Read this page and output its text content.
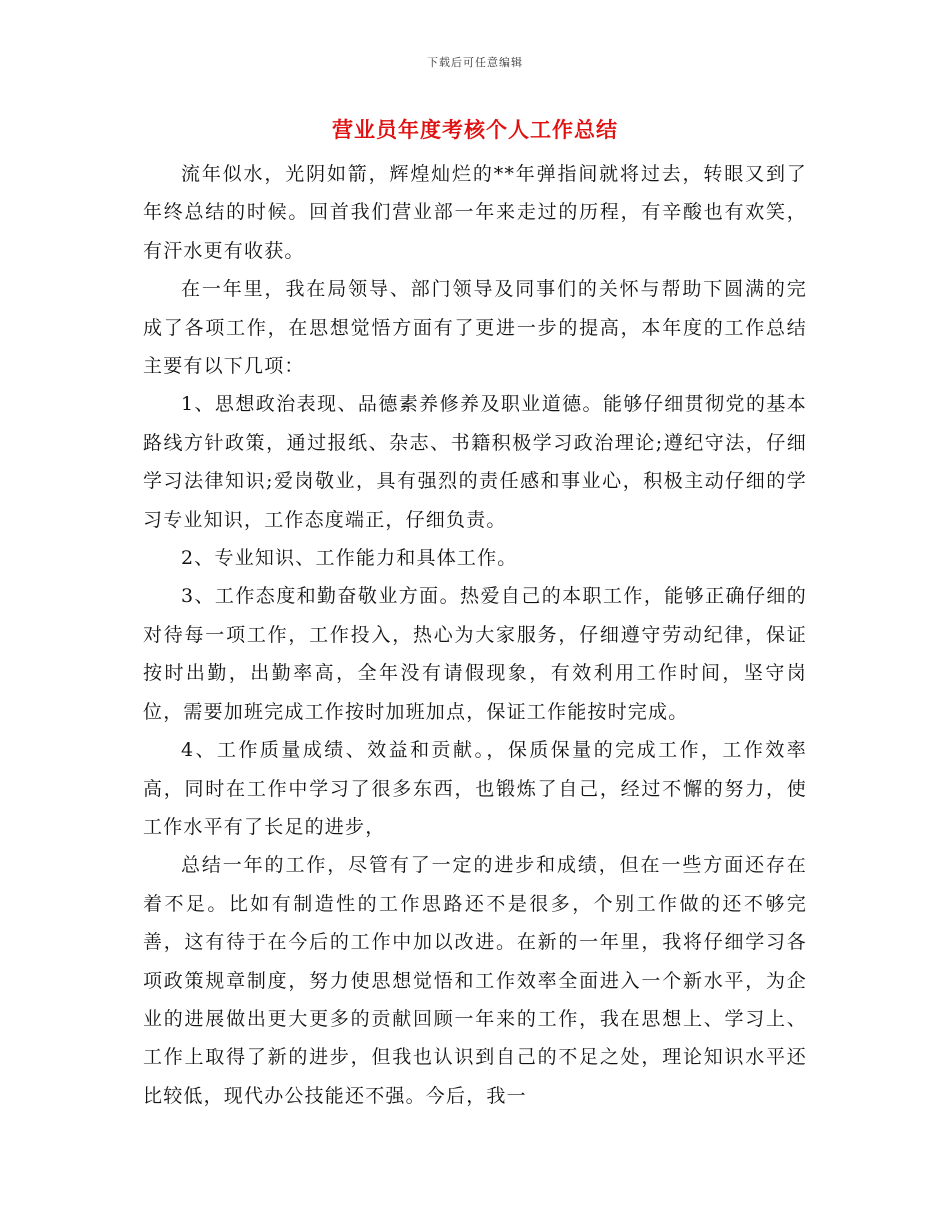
下载后可任意编辑
营业员年度考核个人工作总结

流年似水，光阴如箭，辉煌灿烂的**年弹指间就将过去，转眼又到了年终总结的时候。回首我们营业部一年来走过的历程，有辛酸也有欢笑，有汗水更有收获。

在一年里，我在局领导、部门领导及同事们的关怀与帮助下圆满的完成了各项工作，在思想觉悟方面有了更进一步的提高，本年度的工作总结主要有以下几项：

1、思想政治表现、品德素养修养及职业道德。能够仔细贯彻党的基本路线方针政策，通过报纸、杂志、书籍积极学习政治理论;遵纪守法，仔细学习法律知识;爱岗敬业，具有强烈的责任感和事业心，积极主动仔细的学习专业知识，工作态度端正，仔细负责。

2、专业知识、工作能力和具体工作。

3、工作态度和勤奋敬业方面。热爱自己的本职工作，能够正确仔细的对待每一项工作，工作投入，热心为大家服务，仔细遵守劳动纪律，保证按时出勤，出勤率高，全年没有请假现象，有效利用工作时间，坚守岗位，需要加班完成工作按时加班加点，保证工作能按时完成。

4、工作质量成绩、效益和贡献。，保质保量的完成工作，工作效率高，同时在工作中学习了很多东西，也锻炼了自己，经过不懈的努力，使工作水平有了长足的进步，

总结一年的工作，尽管有了一定的进步和成绩，但在一些方面还存在着不足。比如有制造性的工作思路还不是很多，个别工作做的还不够完善，这有待于在今后的工作中加以改进。在新的一年里，我将仔细学习各项政策规章制度，努力使思想觉悟和工作效率全面进入一个新水平，为企业的进展做出更大更多的贡献回顾一年来的工作，我在思想上、学习上、工作上取得了新的进步，但我也认识到自己的不足之处，理论知识水平还比较低，现代办公技能还不强。今后，我一
